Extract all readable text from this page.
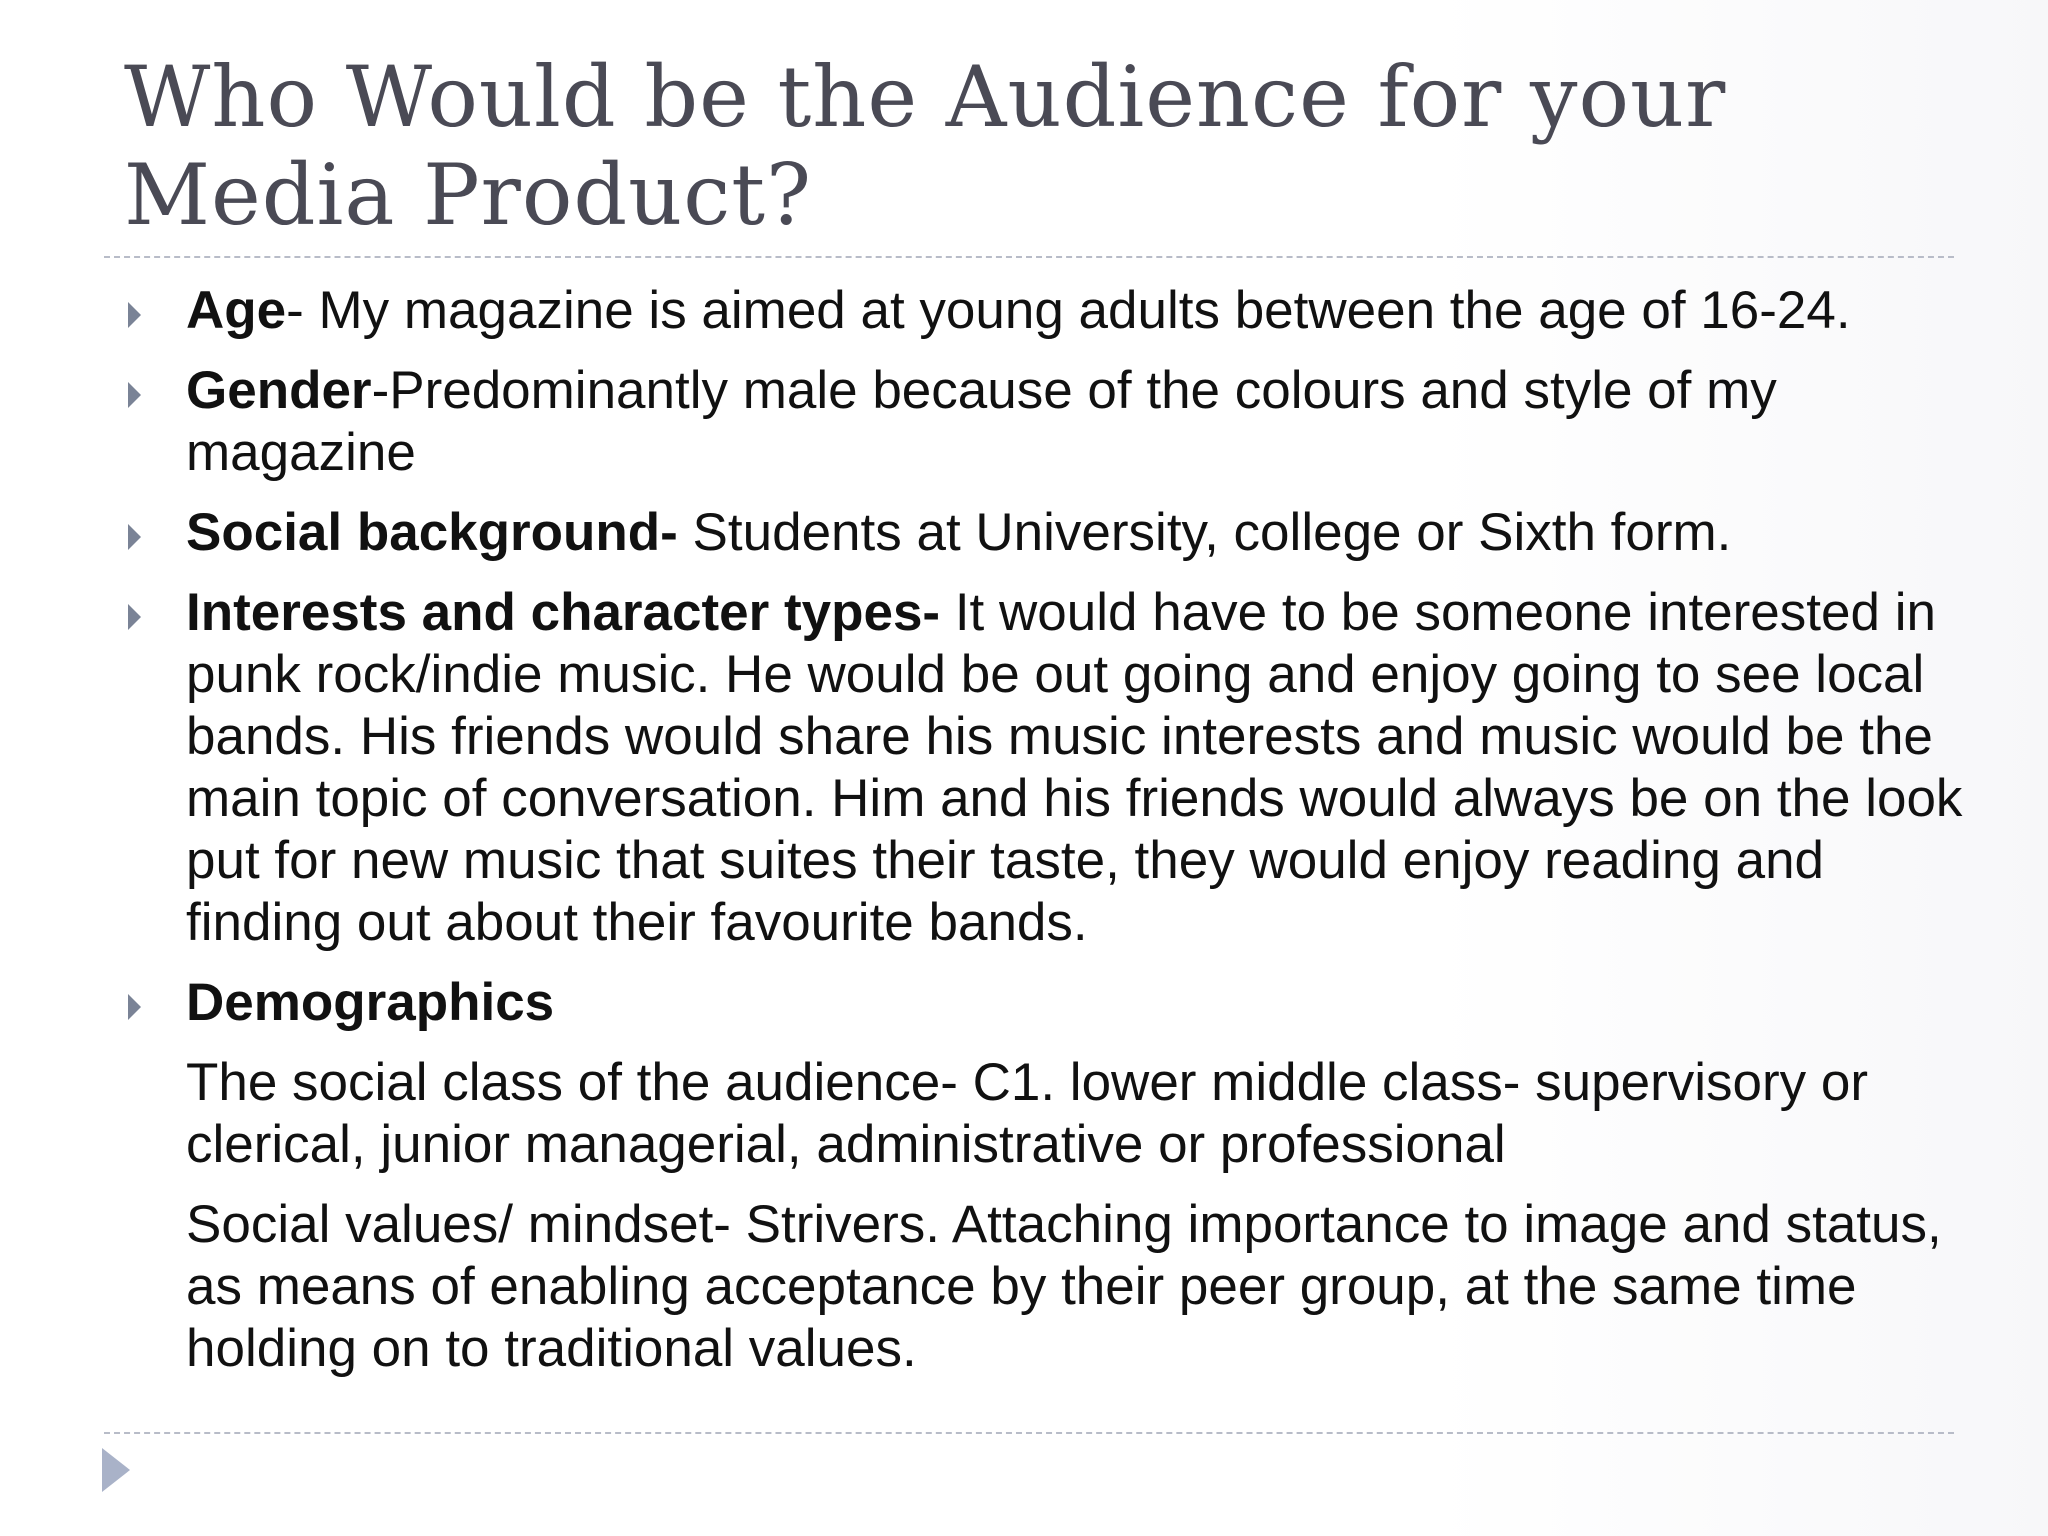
Who Would be the Audience for your Media Product?
Age- My magazine is aimed at young adults between the age of 16-24.
Gender-Predominantly male because of the colours and style of my magazine
Social background- Students at University, college or Sixth form.
Interests and character types- It would have to be someone interested in punk rock/indie music. He would be out going and enjoy going to see local bands. His friends would share his music interests and music would be the main topic of conversation. Him and his friends would always be on the look put for new music that suites their taste, they would enjoy reading and finding out about their favourite bands.
Demographics
The social class of the audience- C1. lower middle class- supervisory or clerical, junior managerial, administrative or professional
Social values/ mindset- Strivers. Attaching importance to image and status, as means of enabling acceptance by their peer group, at the same time holding on to traditional values.
